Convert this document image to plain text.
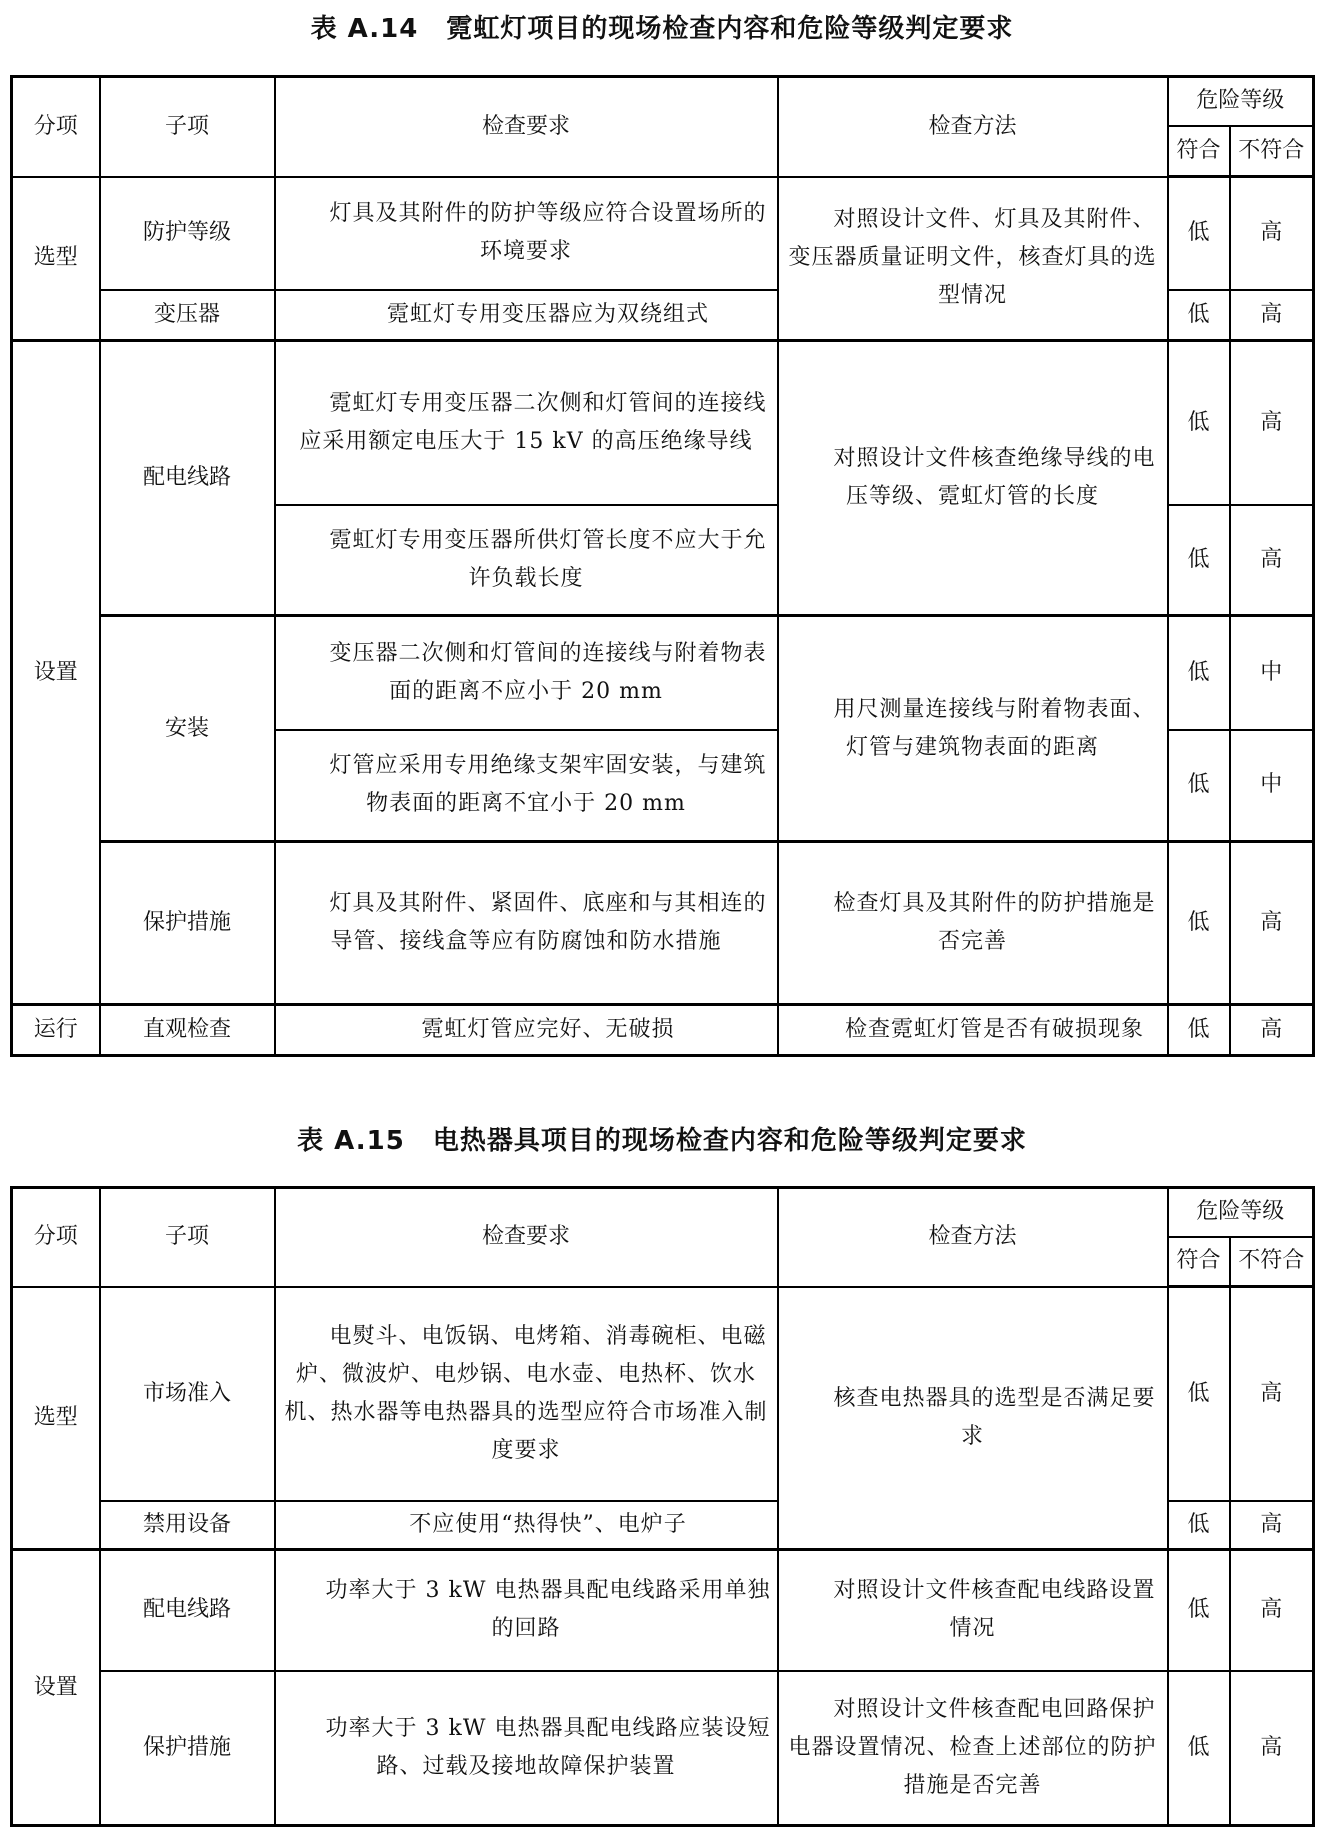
表 A.14 霓虹灯项目的现场检查内容和危险等级判定要求
分项	子项	检查要求	检查方法	危险等级	
				符合	不符合
选型	防护等级	灯具及其附件的防护等级应符合设置场所的环境要求	对照设计文件、灯具及其附件、变压器质量证明文件，核查灯具的选型情况	低	高
	变压器	霓虹灯专用变压器应为双绕组式		低	高
设置	配电线路	霓虹灯专用变压器二次侧和灯管间的连接线应采用额定电压大于 15 kV 的高压绝缘导线	对照设计文件核查绝缘导线的电压等级、霓虹灯管的长度	低	高
		霓虹灯专用变压器所供灯管长度不应大于允许负载长度		低	高
	安装	变压器二次侧和灯管间的连接线与附着物表面的距离不应小于 20 mm	用尺测量连接线与附着物表面、灯管与建筑物表面的距离	低	中
		灯管应采用专用绝缘支架牢固安装，与建筑物表面的距离不宜小于 20 mm		低	中
	保护措施	灯具及其附件、紧固件、底座和与其相连的导管、接线盒等应有防腐蚀和防水措施	检查灯具及其附件的防护措施是否完善	低	高
运行	直观检查	霓虹灯管应完好、无破损	检查霓虹灯管是否有破损现象	低	高
表 A.15 电热器具项目的现场检查内容和危险等级判定要求
分项	子项	检查要求	检查方法	危险等级	
				符合	不符合
选型	市场准入	电熨斗、电饭锅、电烤箱、消毒碗柜、电磁炉、微波炉、电炒锅、电水壶、电热杯、饮水机、热水器等电热器具的选型应符合市场准入制度要求	核查电热器具的选型是否满足要求	低	高
	禁用设备	不应使用“热得快”、电炉子		低	高
设置	配电线路	功率大于 3 kW 电热器具配电线路采用单独的回路	对照设计文件核查配电线路设置情况	低	高
	保护措施	功率大于 3 kW 电热器具配电线路应装设短路、过载及接地故障保护装置	对照设计文件核查配电回路保护电器设置情况、检查上述部位的防护措施是否完善	低	高
